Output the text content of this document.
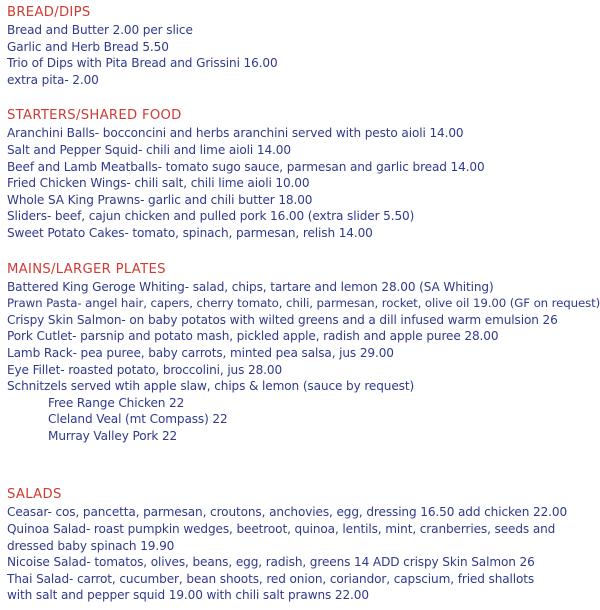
BREAD/DIPS
Bread and Butter 2.00 per slice
Garlic and Herb Bread 5.50
Trio of Dips with Pita Bread and Grissini 16.00
extra pita- 2.00
STARTERS/SHARED FOOD
Aranchini Balls- bocconcini and herbs aranchini served with pesto aioli 14.00
Salt and Pepper Squid- chili and lime aioli 14.00
Beef and Lamb Meatballs- tomato sugo sauce, parmesan and garlic bread 14.00
Fried Chicken Wings- chili salt, chili lime aioli 10.00
Whole SA King Prawns- garlic and chili butter 18.00
Sliders- beef, cajun chicken and pulled pork 16.00 (extra slider 5.50)
Sweet Potato Cakes- tomato, spinach, parmesan, relish 14.00
MAINS/LARGER PLATES
Battered King Geroge Whiting- salad, chips, tartare and lemon 28.00 (SA Whiting)
Prawn Pasta- angel hair, capers, cherry tomato, chili, parmesan, rocket, olive oil 19.00 (GF on request)
Crispy Skin Salmon- on baby potatos with wilted greens and a dill infused warm emulsion 26
Pork Cutlet- parsnip and potato mash, pickled apple, radish and apple puree 28.00
Lamb Rack- pea puree, baby carrots, minted pea salsa, jus 29.00
Eye Fillet- roasted potato, broccolini, jus 28.00
Schnitzels served wtih apple slaw, chips & lemon (sauce by request)
Free Range Chicken 22
Cleland Veal (mt Compass) 22
Murray Valley Pork 22
SALADS
Ceasar- cos, pancetta, parmesan, croutons, anchovies, egg, dressing 16.50 add chicken 22.00
Quinoa Salad- roast pumpkin wedges, beetroot, quinoa, lentils, mint, cranberries, seeds and dressed baby spinach 19.90
Nicoise Salad- tomatos, olives, beans, egg, radish, greens 14 ADD crispy Skin Salmon 26
Thai Salad- carrot, cucumber, bean shoots, red onion, coriandor, capscium, fried shallots
with salt and pepper squid 19.00 with chili salt prawns 22.00
